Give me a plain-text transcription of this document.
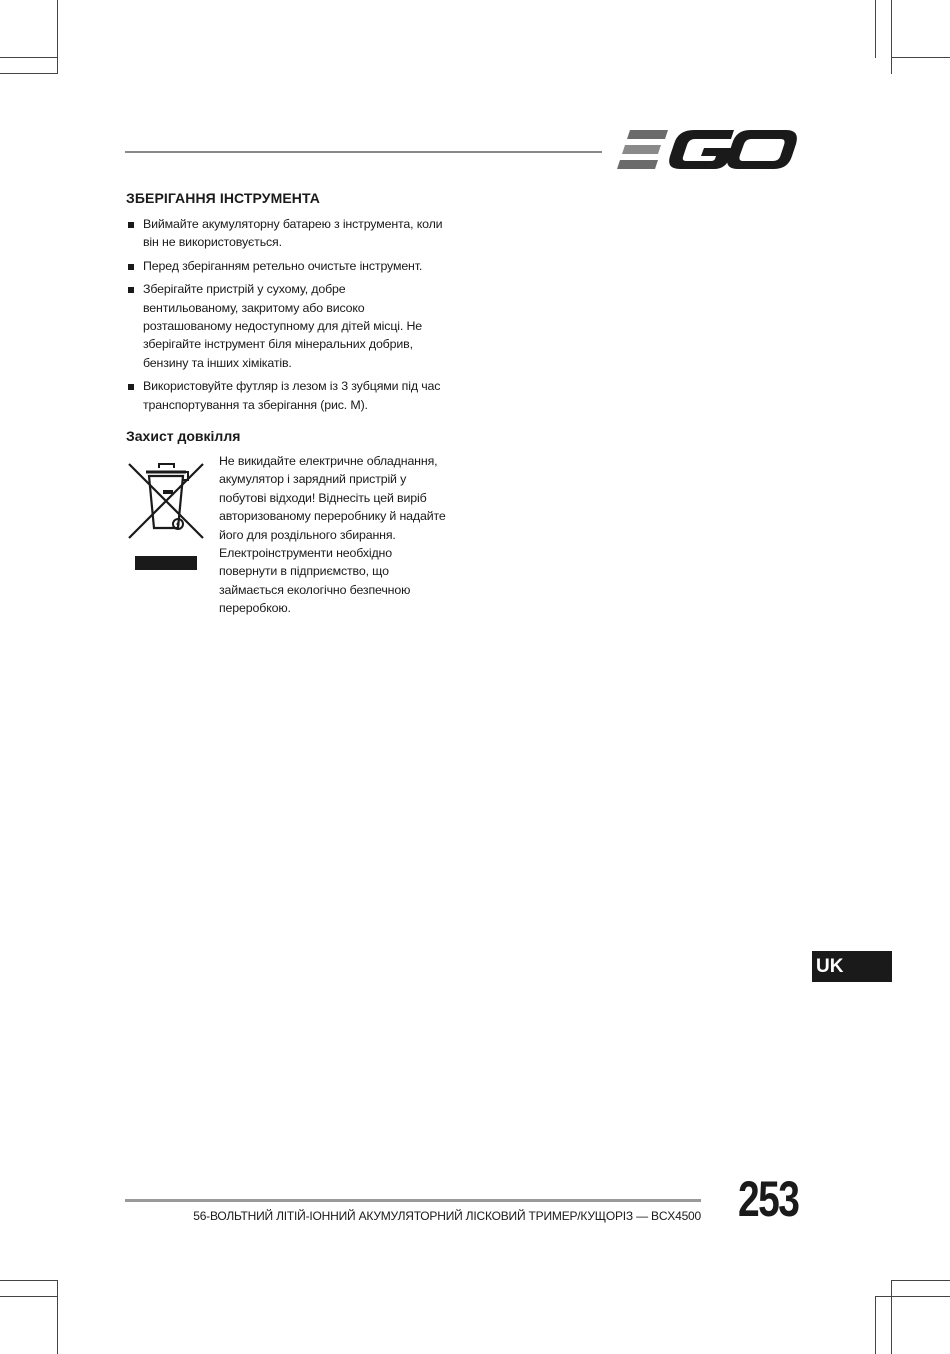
ЗБЕРІГАННЯ ІНСТРУМЕНТА
Виймайте акумуляторну батарею з інструмента, коли
він не використовується.
Перед зберіганням ретельно очистьте інструмент.
Зберігайте пристрій у сухому, добре
вентильованому, закритому або високо
розташованому недоступному для дітей місці. Не
зберігайте інструмент біля мінеральних добрив,
бензину та інших хімікатів.
Використовуйте футляр із лезом із 3 зубцями під час
транспортування та зберігання (рис. М).
Захист довкілля
Не викидайте електричне обладнання,
акумулятор і зарядний пристрій у
побутові відходи! Віднесіть цей виріб
авторизованому переробнику й надайте
його для роздільного збирання.
Електроінструменти необхідно
повернути в підприємство, що
займається екологічно безпечною
переробкою.
UK
56-ВОЛЬТНИЙ ЛІТІЙ-ІОННИЙ АКУМУЛЯТОРНИЙ ЛІСКОВИЙ ТРИМЕР/КУЩОРІЗ — BCX4500 253
